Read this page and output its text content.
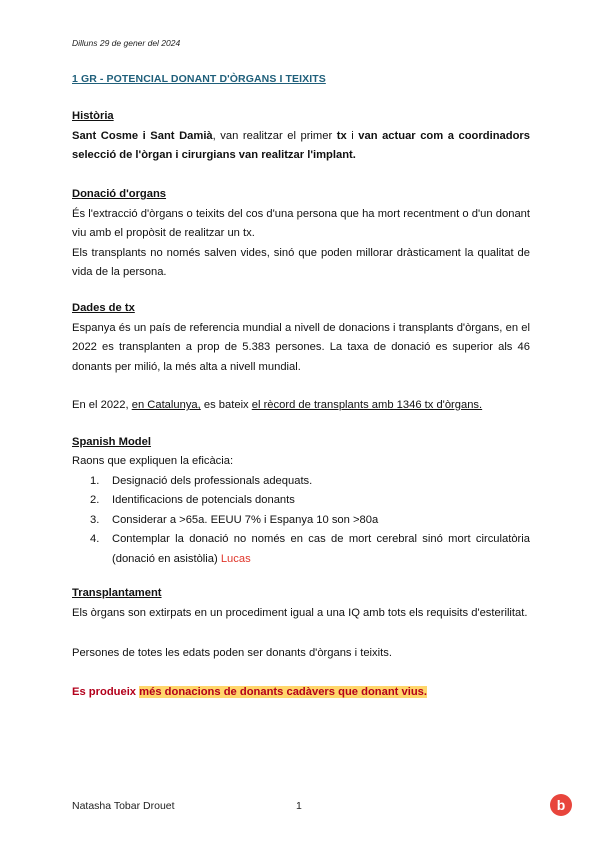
Dilluns 29 de gener del 2024
1 GR - POTENCIAL DONANT D'ÒRGANS I TEIXITS
Història
Sant Cosme i Sant Damià, van realitzar el primer tx i van actuar com a coordinadors selecció de l'òrgan i cirurgians van realitzar l'implant.
Donació d'organs
És l'extracció d'òrgans o teixits del cos d'una persona que ha mort recentment o d'un donant viu amb el propòsit de realitzar un tx.
Els transplants no només salven vides, sinó que poden millorar dràsticament la qualitat de vida de la persona.
Dades de tx
Espanya és un país de referencia mundial a nivell de donacions i transplants d'òrgans, en el 2022 es transplanten a prop de 5.383 persones. La taxa de donació es superior als 46 donants per milió, la més alta a nivell mundial.
En el 2022, en Catalunya, es bateix el rècord de transplants amb 1346 tx d'òrgans.
Spanish Model
Raons que expliquen la eficàcia:
1. Designació dels professionals adequats.
2. Identificacions de potencials donants
3. Considerar a >65a. EEUU 7% i Espanya 10 son >80a
4. Contemplar la donació no només en cas de mort cerebral sinó mort circulatòria (donació en asistòlia) Lucas
Transplantament
Els òrgans son extirpats en un procediment igual a una IQ amb tots els requisits d'esterilitat.
Persones de totes les edats poden ser donants d'òrgans i teixits.
Es produeix més donacions de donants cadàvers que donant vius.
Natasha Tobar Drouet	1	b
